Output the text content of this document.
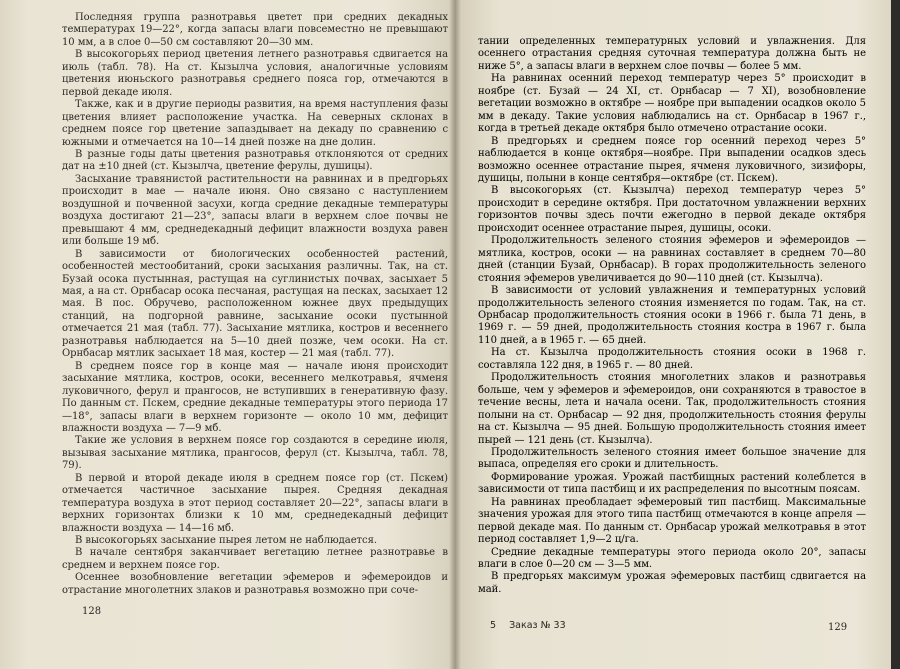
Последняя группа разнотравья цветет при средних декадных температурах 19—22°, когда запасы влаги повсеместно не превышают 10 мм, а в слое 0—50 см составляют 20—30 мм.

В высокогорьях период цветения летнего разнотравья сдвигается на июль (табл. 78). На ст. Кызылча условия, аналогичные условиям цветения июньского разнотравья среднего пояса гор, отмечаются в первой декаде июля.

Также, как и в другие периоды развития, на время наступления фазы цветения влияет расположение участка. На северных склонах в среднем поясе гор цветение запаздывает на декаду по сравнению с южными и отмечается на 10—14 дней позже на дне долин.

В разные годы даты цветения разнотравья отклоняются от средних дат на ±10 дней (ст. Кызылча, цветение ферулы, душицы).

Засыхание травянистой растительности на равнинах и в предгорьях происходит в мае — начале июня. Оно связано с наступлением воздушной и почвенной засухи, когда средние декадные температуры воздуха достигают 21—23°, запасы влаги в верхнем слое почвы не превышают 4 мм, среднедекадный дефицит влажности воздуха равен или больше 19 мб.

В зависимости от биологических особенностей растений, особенностей местообитаний, сроки засыхания различны. Так, на ст. Бузай осока пустынная, растущая на суглинистых почвах, засыхает 5 мая, а на ст. Орнбасар осока песчаная, растущая на песках, засыхает 12 мая. В пос. Обручево, расположенном южнее двух предыдущих станций, на подгорной равнине, засыхание осоки пустынной отмечается 21 мая (табл. 77). Засыхание мятлика, костров и весеннего разнотравья наблюдается на 5—10 дней позже, чем осоки. На ст. Орнбасар мятлик засыхает 18 мая, костер — 21 мая (табл. 77).

В среднем поясе гор в конце мая — начале июня происходит засыхание мятлика, костров, осоки, весеннего мелкотравья, ячменя луковичного, ферул и прангосов, не вступивших в генеративную фазу. По данным ст. Пскем, средние декадные температуры этого периода 17—18°, запасы влаги в верхнем горизонте — около 10 мм, дефицит влажности воздуха — 7—9 мб.

Такие же условия в верхнем поясе гор создаются в середине июля, вызывая засыхание мятлика, прангосов, ферул (ст. Кызылча, табл. 78, 79).

В первой и второй декаде июля в среднем поясе гор (ст. Пскем) отмечается частичное засыхание пырея. Средняя декадная температура воздуха в этот период составляет 20—22°, запасы влаги в верхних горизонтах близки к 10 мм, среднедекадный дефицит влажности воздуха — 14—16 мб.

В высокогорьях засыхание пырея летом не наблюдается.

В начале сентября заканчивает вегетацию летнее разнотравье в среднем и верхнем поясе гор.

Осеннее возобновление вегетации эфемеров и эфемероидов и отрастание многолетних злаков и разнотравья возможно при соче-

128

тании определенных температурных условий и увлажнения. Для осеннего отрастания средняя суточная температура должна быть не ниже 5°, а запасы влаги в верхнем слое почвы — более 5 мм.

На равнинах осенний переход температур через 5° происходит в ноябре (ст. Бузай — 24 XI, ст. Орнбасар — 7 XI), возобновление вегетации возможно в октябре — ноябре при выпадении осадков около 5 мм в декаду. Такие условия наблюдались на ст. Орнбасар в 1967 г., когда в третьей декаде октября было отмечено отрастание осоки.

В предгорьях и среднем поясе гор осенний переход через 5° наблюдается в конце октября—ноябре. При выпадении осадков здесь возможно осеннее отрастание пырея, ячменя луковичного, зизифоры, душицы, полыни в конце сентября—октябре (ст. Пскем).

В высокогорьях (ст. Кызылча) переход температур через 5° происходит в середине октября. При достаточном увлажнении верхних горизонтов почвы здесь почти ежегодно в первой декаде октября происходит осеннее отрастание пырея, душицы, осоки.

Продолжительность зеленого стояния эфемеров и эфемероидов — мятлика, костров, осоки — на равнинах составляет в среднем 70—80 дней (станции Бузай, Орнбасар). В горах продолжительность зеленого стояния эфемеров увеличивается до 90—110 дней (ст. Кызылча).

В зависимости от условий увлажнения и температурных условий продолжительность зеленого стояния изменяется по годам. Так, на ст. Орнбасар продолжительность стояния осоки в 1966 г. была 71 день, в 1969 г. — 59 дней, продолжительность стояния костра в 1967 г. была 110 дней, а в 1965 г. — 65 дней.

На ст. Кызылча продолжительность стояния осоки в 1968 г. составляла 122 дня, в 1965 г. — 80 дней.

Продолжительность стояния многолетних злаков и разнотравья больше, чем у эфемеров и эфемероидов, они сохраняются в травостое в течение весны, лета и начала осени. Так, продолжительность стояния полыни на ст. Орнбасар — 92 дня, продолжительность стояния ферулы на ст. Кызылча — 95 дней. Большую продолжительность стояния имеет пырей — 121 день (ст. Кызылча).

Продолжительность зеленого стояния имеет большое значение для выпаса, определяя его сроки и длительность.

Формирование урожая. Урожай пастбищных растений колеблется в зависимости от типа пастбищ и их распределения по высотным поясам.

На равнинах преобладает эфемеровый тип пастбищ. Максимальные значения урожая для этого типа пастбищ отмечаются в конце апреля — первой декаде мая. По данным ст. Орнбасар урожай мелкотравья в этот период составляет 1,9—2 ц/га.

Средние декадные температуры этого периода около 20°, запасы влаги в слое 0—20 см — 3—5 мм.

В предгорьях максимум урожая эфемеровых пастбищ сдвигается на май.

5 Заказ № 33	129
